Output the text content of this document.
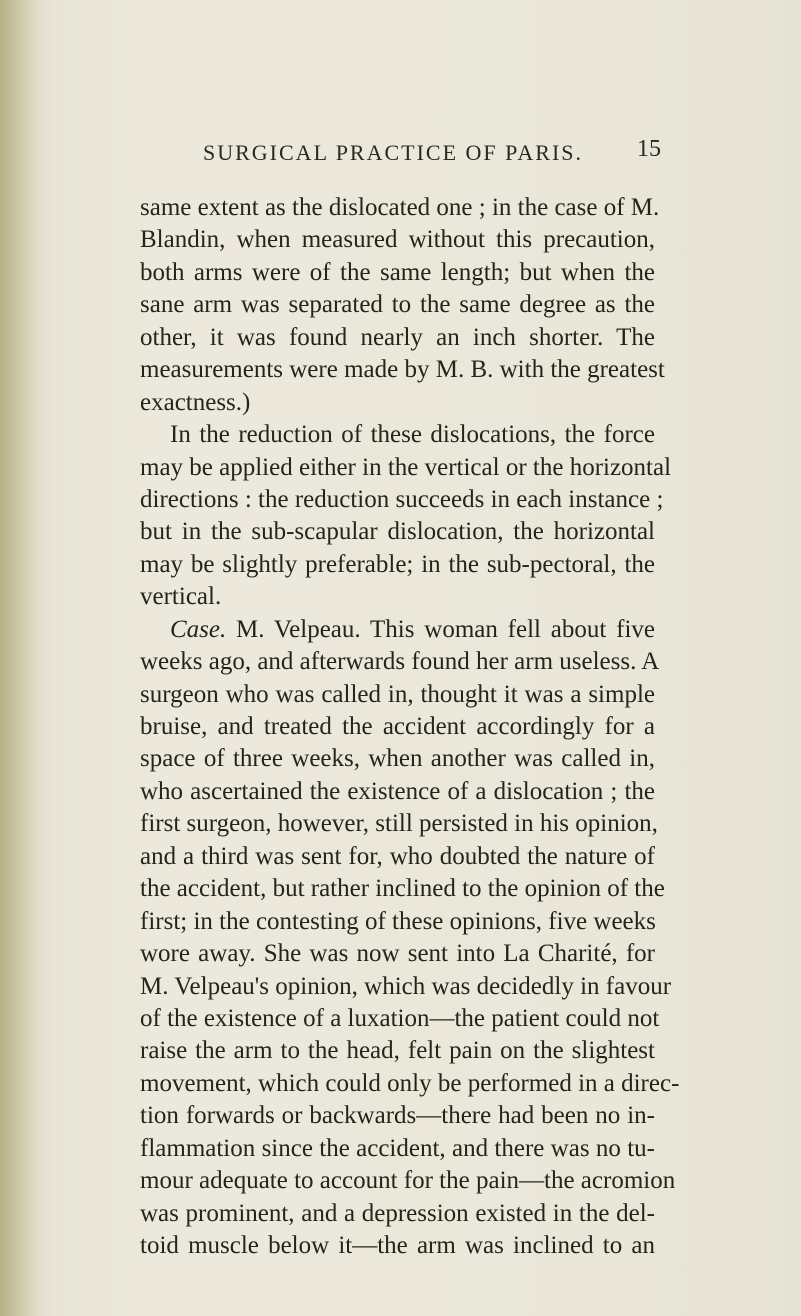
SURGICAL PRACTICE OF PARIS. 15
same extent as the dislocated one ; in the case of M.
Blandin, when measured without this precaution,
both arms were of the same length; but when the
sane arm was separated to the same degree as the
other, it was found nearly an inch shorter. The
measurements were made by M. B. with the greatest
exactness.)
In the reduction of these dislocations, the force
may be applied either in the vertical or the horizontal
directions : the reduction succeeds in each instance ;
but in the sub-scapular dislocation, the horizontal
may be slightly preferable; in the sub-pectoral, the
vertical.
Case. M. Velpeau. This woman fell about five
weeks ago, and afterwards found her arm useless. A
surgeon who was called in, thought it was a simple
bruise, and treated the accident accordingly for a
space of three weeks, when another was called in,
who ascertained the existence of a dislocation ; the
first surgeon, however, still persisted in his opinion,
and a third was sent for, who doubted the nature of
the accident, but rather inclined to the opinion of the
first; in the contesting of these opinions, five weeks
wore away. She was now sent into La Charité, for
M. Velpeau's opinion, which was decidedly in favour
of the existence of a luxation—the patient could not
raise the arm to the head, felt pain on the slightest
movement, which could only be performed in a direc-
tion forwards or backwards—there had been no in-
flammation since the accident, and there was no tu-
mour adequate to account for the pain—the acromion
was prominent, and a depression existed in the del-
toid muscle below it—the arm was inclined to an
